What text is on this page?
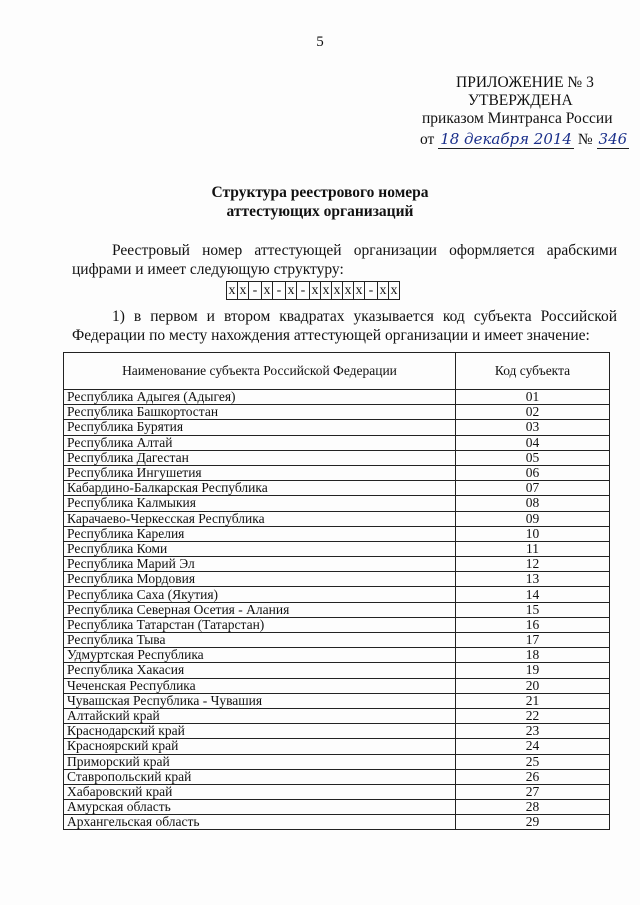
5
ПРИЛОЖЕНИЕ № 3
УТВЕРЖДЕНА
приказом Минтранса России
от 18 декабря 2014 № 346
Структура реестрового номера
аттестующих организаций
Реестровый номер аттестующей организации оформляется арабскими цифрами и имеет следующую структуру:
x x - x - x - x x x x x - x x
1) в первом и втором квадратах указывается код субъекта Российской Федерации по месту нахождения аттестующей организации и имеет значение:
Наименование субъекта Российской Федерации	Код субъекта
Республика Адыгея (Адыгея)	01
Республика Башкортостан	02
Республика Бурятия	03
Республика Алтай	04
Республика Дагестан	05
Республика Ингушетия	06
Кабардино-Балкарская Республика	07
Республика Калмыкия	08
Карачаево-Черкесская Республика	09
Республика Карелия	10
Республика Коми	11
Республика Марий Эл	12
Республика Мордовия	13
Республика Саха (Якутия)	14
Республика Северная Осетия - Алания	15
Республика Татарстан (Татарстан)	16
Республика Тыва	17
Удмуртская Республика	18
Республика Хакасия	19
Чеченская Республика	20
Чувашская Республика - Чувашия	21
Алтайский край	22
Краснодарский край	23
Красноярский край	24
Приморский край	25
Ставропольский край	26
Хабаровский край	27
Амурская область	28
Архангельская область	29
